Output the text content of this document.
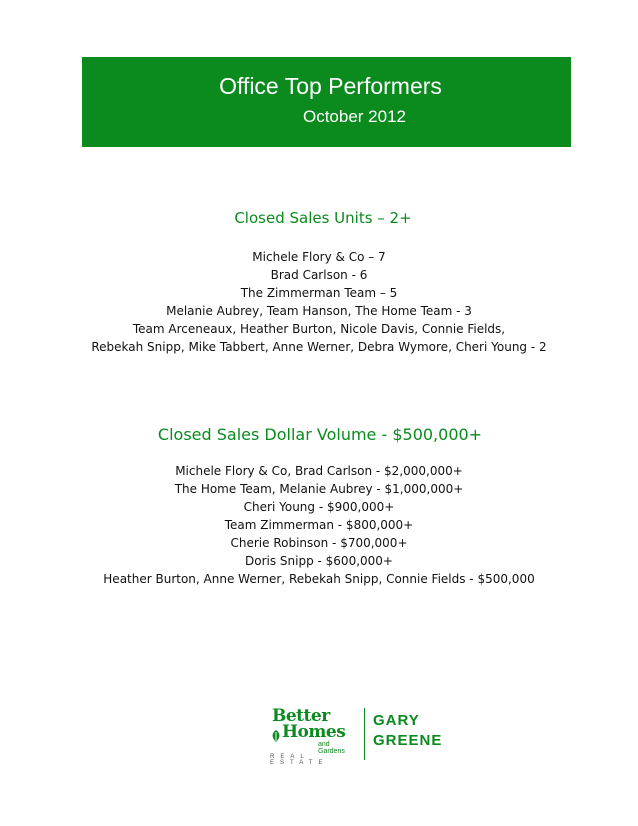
Office Top Performers
October 2012
Closed Sales Units – 2+
Michele Flory & Co – 7
Brad Carlson - 6
The Zimmerman Team – 5
Melanie Aubrey, Team Hanson, The Home Team - 3
Team Arceneaux, Heather Burton, Nicole Davis, Connie Fields,
Rebekah Snipp, Mike Tabbert, Anne Werner, Debra Wymore, Cheri Young - 2
Closed Sales Dollar Volume - $500,000+
Michele Flory & Co, Brad Carlson - $2,000,000+
The Home Team, Melanie Aubrey - $1,000,000+
Cheri Young - $900,000+
Team Zimmerman - $800,000+
Cherie Robinson - $700,000+
Doris Snipp - $600,000+
Heather Burton, Anne Werner, Rebekah Snipp, Connie Fields - $500,000
Better
Homes
and Gardens
REAL ESTATE
GARY
GREENE
